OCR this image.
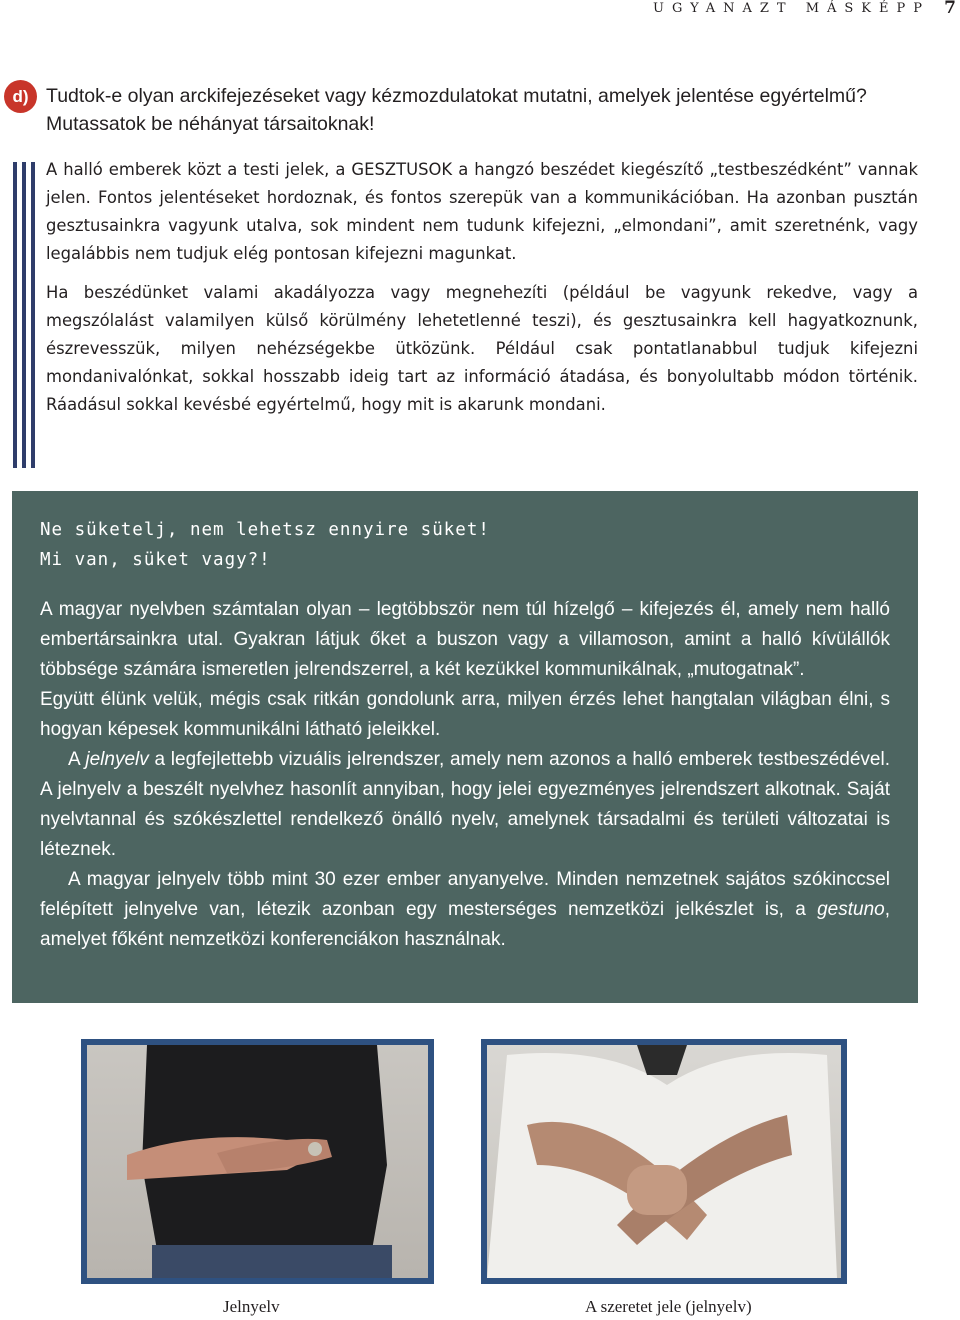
UGYANAZT MÁSKÉPP 7
d) Tudtok-e olyan arckifejezéseket vagy kézmozdulatokat mutatni, amelyek jelentése egyértelmű?
Mutassatok be néhányat társaitoknak!

A halló emberek közt a testi jelek, a GESZTUSOK a hangzó beszédet kiegészítő „testbeszédként” vannak jelen. Fontos jelentéseket hordoznak, és fontos szerepük van a kommunikációban. Ha azonban pusztán gesztusainkra vagyunk utalva, sok mindent nem tudunk kifejezni, „elmondani”, amit szeretnénk, vagy legalábbis nem tudjuk elég pontosan kifejezni magunkat.

Ha beszédünket valami akadályozza vagy megnehezíti (például be vagyunk rekedve, vagy a megszólalást valamilyen külső körülmény lehetetlenné teszi), és gesztusainkra kell hagyatkoznunk, észrevesszük, milyen nehézségekbe ütközünk. Például csak pontatlanabbul tudjuk kifejezni mondanivalónkat, sokkal hosszabb ideig tart az információ átadása, és bonyolultabb módon történik. Ráadásul sokkal kevésbé egyértelmű, hogy mit is akarunk mondani.

Ne süketelj, nem lehetsz ennyire süket!
Mi van, süket vagy?!

A magyar nyelvben számtalan olyan – legtöbbször nem túl hízelgő – kifejezés él, amely nem halló embertársainkra utal. Gyakran látjuk őket a buszon vagy a villamoson, amint a halló kívülállók többsége számára ismeretlen jelrendszerrel, a két kezükkel kommunikálnak, „mutogatnak”.

Együtt élünk velük, mégis csak ritkán gondolunk arra, milyen érzés lehet hangtalan világban élni, s hogyan képesek kommunikálni látható jeleikkel.

A jelnyelv a legfejlettebb vizuális jelrendszer, amely nem azonos a halló emberek testbeszédével. A jelnyelv a beszélt nyelvhez hasonlít annyiban, hogy jelei egyezményes jelrendszert alkotnak. Saját nyelvtannal és szókészlettel rendelkező önálló nyelv, amelynek társadalmi és területi változatai is léteznek.

A magyar jelnyelv több mint 30 ezer ember anyanyelve. Minden nemzetnek sajátos szókinccsel felépített jelnyelve van, létezik azonban egy mesterséges nemzetközi jelkészlet is, a gestuno, amelyet főként nemzetközi konferenciákon használnak.

Jelnyelv	A szeretet jele (jelnyelv)
